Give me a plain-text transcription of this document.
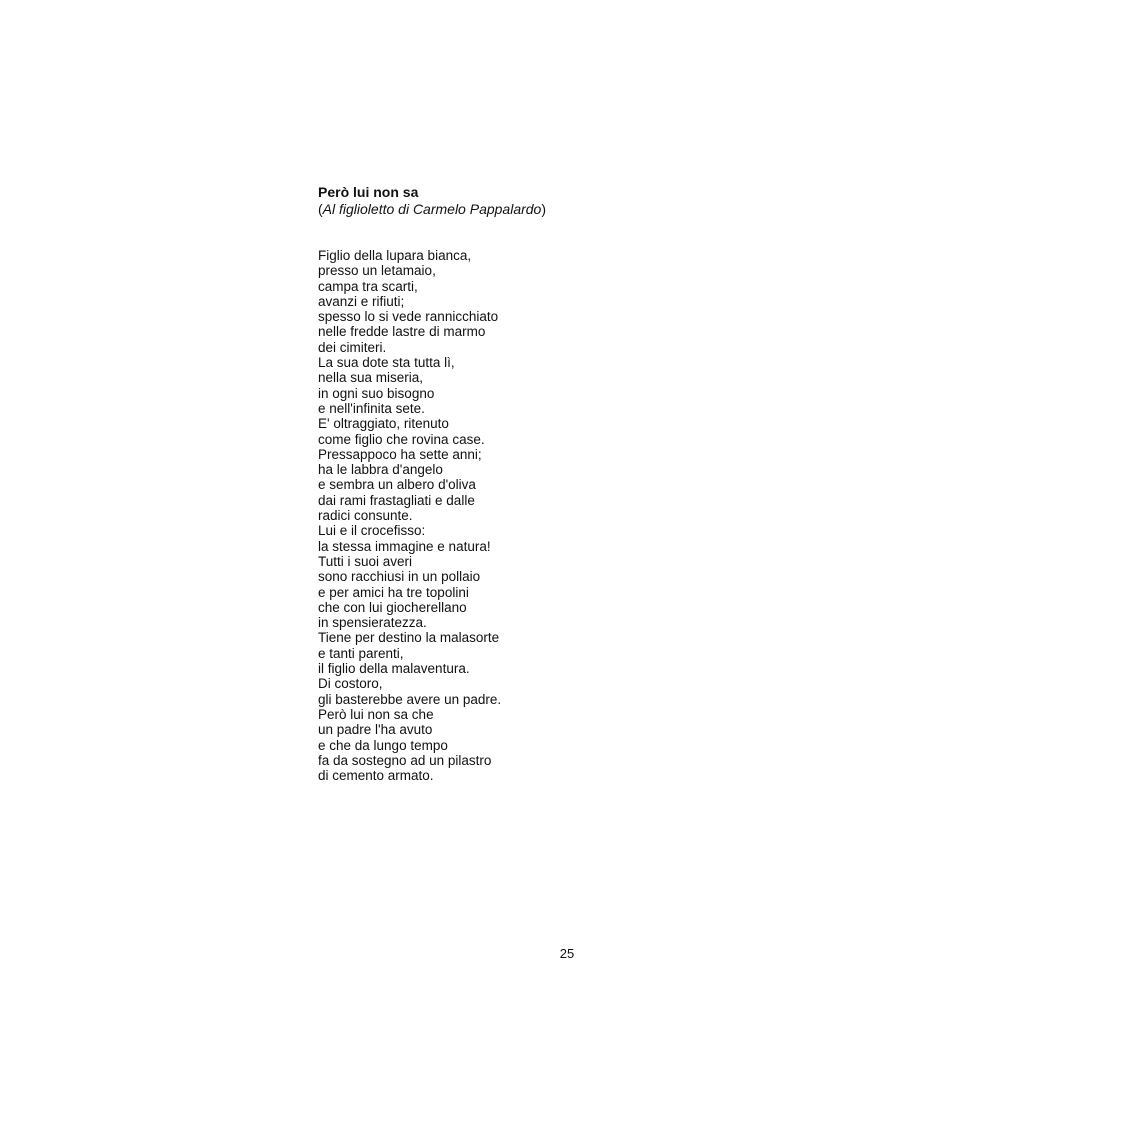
Però lui non sa
(Al figlioletto di Carmelo Pappalardo)
Figlio della lupara bianca,
presso un letamaio,
campa tra scarti,
avanzi e rifiuti;
spesso lo si vede rannicchiato
nelle fredde lastre di marmo
dei cimiteri.
La sua dote sta tutta lì,
nella sua miseria,
in ogni suo bisogno
e nell'infinita sete.
E' oltraggiato, ritenuto
come figlio che rovina case.
Pressappoco ha sette anni;
ha le labbra d'angelo
e sembra un albero d'oliva
dai rami frastagliati e dalle
radici consunte.
Lui e il crocefisso:
la stessa immagine e natura!
Tutti i suoi averi
sono racchiusi in un pollaio
e per amici ha tre topolini
che con lui giocherellano
in spensieratezza.
Tiene per destino la malasorte
e tanti parenti,
il figlio della malaventura.
Di costoro,
gli basterebbe avere un padre.
Però lui non sa che
un padre l'ha avuto
e che da lungo tempo
fa da sostegno ad un pilastro
di cemento armato.
25
